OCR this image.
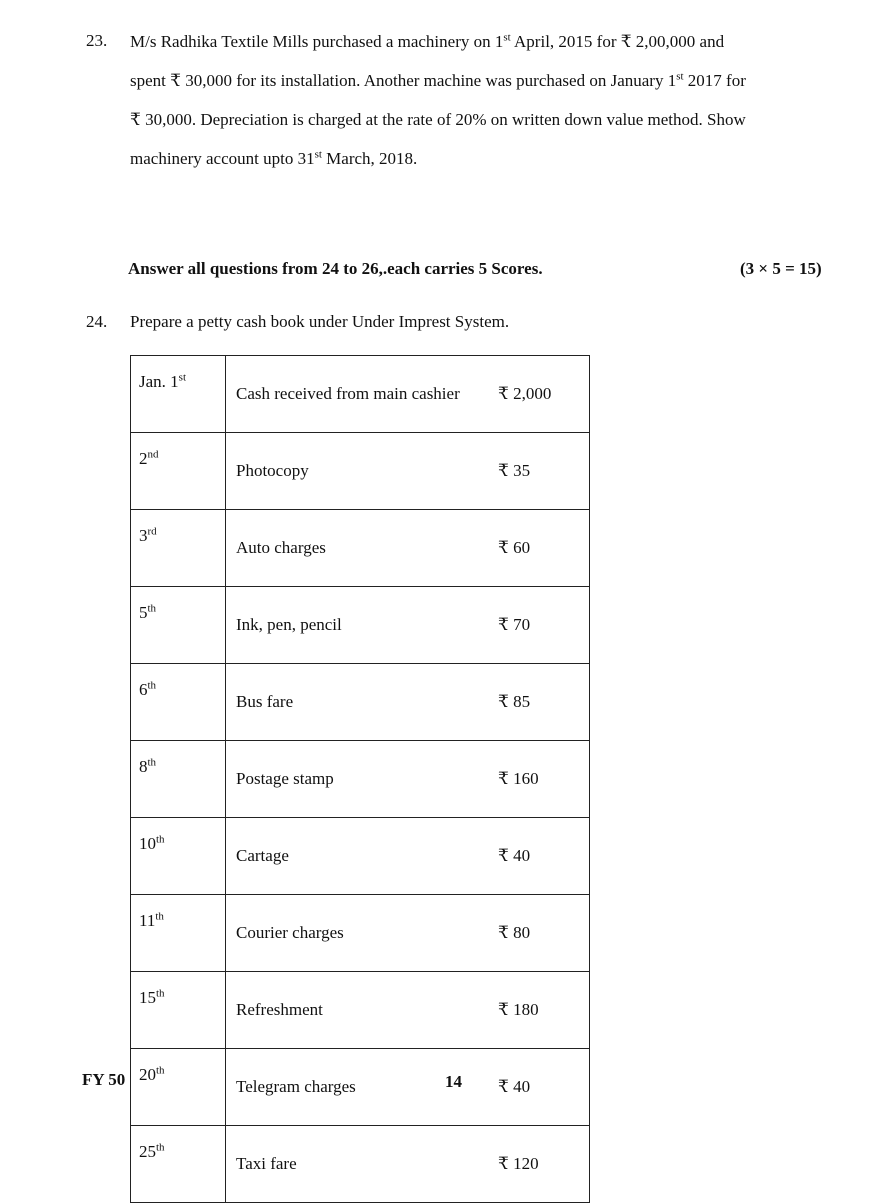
23. M/s Radhika Textile Mills purchased a machinery on 1st April, 2015 for ₹ 2,00,000 and
spent ₹ 30,000 for its installation. Another machine was purchased on January 1st 2017 for
₹ 30,000. Depreciation is charged at the rate of 20% on written down value method. Show
machinery account upto 31st March, 2018.
Answer all questions from 24 to 26,.each carries 5 Scores.	(3 × 5 = 15)
24. Prepare a petty cash book under Under Imprest System.
Jan. 1st	Cash received from main cashier ₹ 2,000
2nd	Photocopy ₹ 35
3rd	Auto charges ₹ 60
5th	Ink, pen, pencil ₹ 70
6th	Bus fare ₹ 85
8th	Postage stamp ₹ 160
10th	Cartage ₹ 40
11th	Courier charges ₹ 80
15th	Refreshment ₹ 180
20th	Telegram charges ₹ 40
25th	Taxi fare ₹ 120
FY 50	14
